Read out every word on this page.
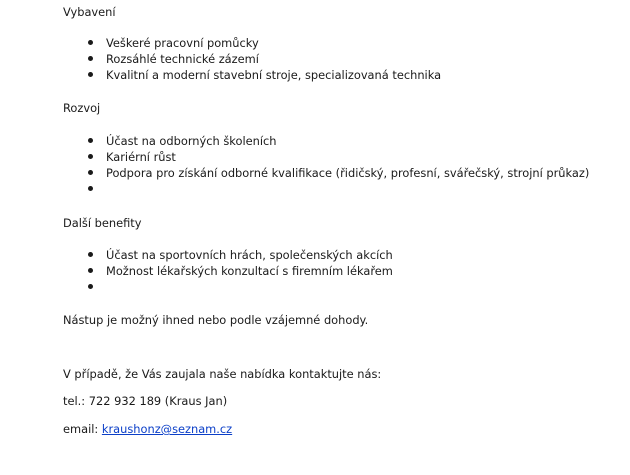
Vybavení
Veškeré pracovní pomůcky
Rozsáhlé technické zázemí
Kvalitní a moderní stavební stroje, specializovaná technika
Rozvoj
Účast na odborných školeních
Kariérní růst
Podpora pro získání odborné kvalifikace (řidičský, profesní, svářečský, strojní průkaz)
Další benefity
Účast na sportovních hrách, společenských akcích
Možnost lékařských konzultací s firemním lékařem
Nástup je možný ihned nebo podle vzájemné dohody.
V případě, že Vás zaujala naše nabídka kontaktujte nás:
tel.: 722 932 189 (Kraus Jan)
email: kraushonz@seznam.cz
